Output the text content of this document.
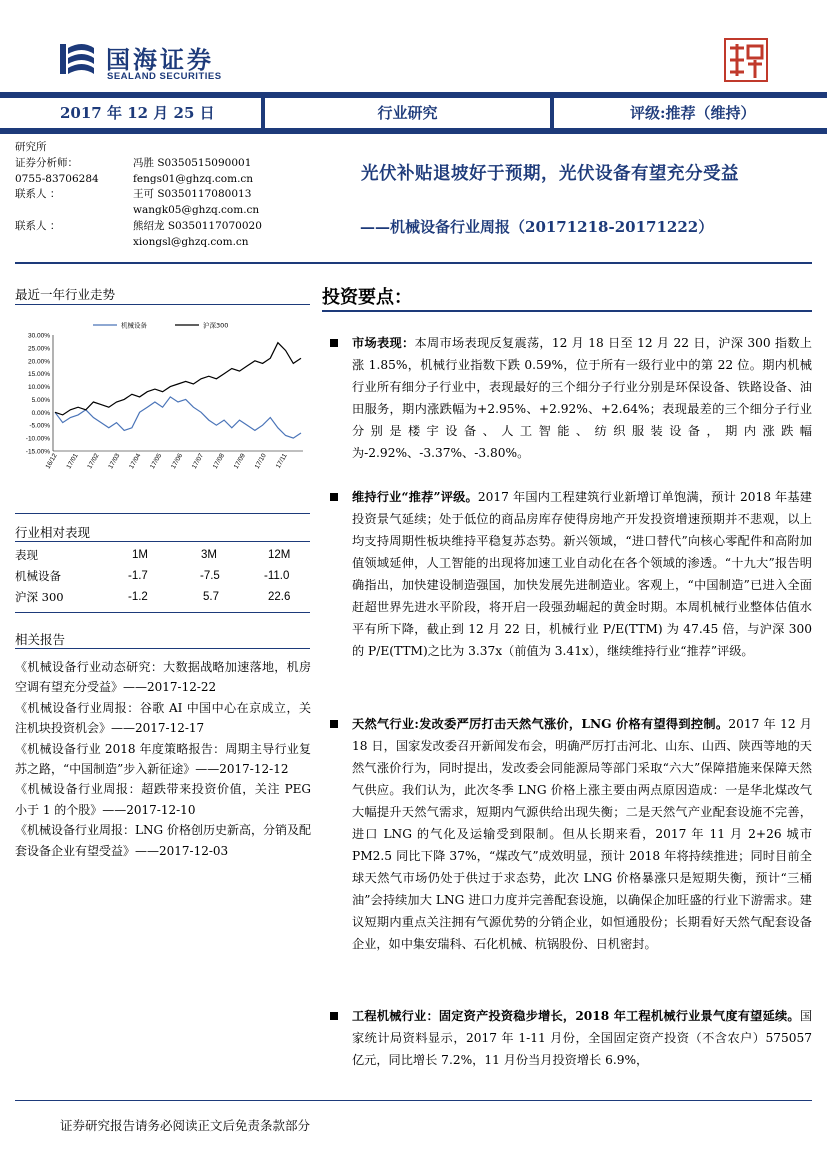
国海证券
SEALAND SECURITIES
2017 年 12 月 25 日	行业研究	评级:推荐（维持）
研究所
证券分析师：	冯胜 S0350515090001
0755-83706284	fengs01@ghzq.com.cn
联系人 ：	王可 S0350117080013
wangk05@ghzq.com.cn
联系人 ：	熊绍龙 S0350117070020
xiongsl@ghzq.com.cn
光伏补贴退坡好于预期，光伏设备有望充分受益
——机械设备行业周报（20171218-20171222）
最近一年行业走势
机械设备	沪深300
30.00%
25.00%
20.00%
15.00%
10.00%
5.00%
0.00%
-5.00%
-10.00%
-15.00%
16/12 17/01 17/02 17/03 17/04 17/05 17/06 17/07 17/08 17/09 17/10 17/11
行业相对表现
表现	1M	3M	12M
机械设备	-1.7	-7.5	-11.0
沪深 300	-1.2	5.7	22.6
相关报告
《机械设备行业动态研究：大数据战略加速落地，机房空调有望充分受益》——2017-12-22
《机械设备行业周报：谷歌 AI 中国中心在京成立，关注机块投资机会》——2017-12-17
《机械设备行业 2018 年度策略报告：周期主导行业复苏之路，“中国制造”步入新征途》——2017-12-12
《机械设备行业周报：超跌带来投资价值，关注 PEG 小于 1 的个股》——2017-12-10
《机械设备行业周报：LNG 价格创历史新高，分销及配套设备企业有望受益》——2017-12-03
投资要点：
市场表现：本周市场表现反复震荡，12 月 18 日至 12 月 22 日，沪深 300 指数上涨 1.85%，机械行业指数下跌 0.59%，位于所有一级行业中的第 22 位。期内机械行业所有细分子行业中，表现最好的三个细分子行业分别是环保设备、铁路设备、油田服务，期内涨跌幅为+2.95%、+2.92%、+2.64%；表现最差的三个细分子行业分别是楼宇设备、人工智能、纺织服装设备，期内涨跌幅为-2.92%、-3.37%、-3.80%。
维持行业“推荐”评级。2017 年国内工程建筑行业新增订单饱满，预计 2018 年基建投资景气延续；处于低位的商品房库存使得房地产开发投资增速预期并不悲观，以上均支持周期性板块维持平稳复苏态势。新兴领域，“进口替代”向核心零配件和高附加值领域延伸，人工智能的出现将加速工业自动化在各个领域的渗透。“十九大”报告明确指出，加快建设制造强国，加快发展先进制造业。客观上，“中国制造”已进入全面赶超世界先进水平阶段，将开启一段强劲崛起的黄金时期。本周机械行业整体估值水平有所下降，截止到 12 月 22 日，机械行业 P/E(TTM) 为 47.45 倍，与沪深 300 的 P/E(TTM)之比为 3.37x（前值为 3.41x），继续维持行业“推荐”评级。
天然气行业:发改委严厉打击天然气涨价，LNG 价格有望得到控制。2017 年 12 月 18 日，国家发改委召开新闻发布会，明确严厉打击河北、山东、山西、陕西等地的天然气涨价行为，同时提出，发改委会同能源局等部门采取“六大”保障措施来保障天然气供应。我们认为，此次冬季 LNG 价格上涨主要由两点原因造成：一是华北煤改气大幅提升天然气需求，短期内气源供给出现失衡；二是天然气产业配套设施不完善，进口 LNG 的气化及运输受到限制。但从长期来看，2017 年 11 月 2+26 城市 PM2.5 同比下降 37%，“煤改气”成效明显，预计 2018 年将持续推进；同时目前全球天然气市场仍处于供过于求态势，此次 LNG 价格暴涨只是短期失衡，预计“三桶油”会持续加大 LNG 进口力度并完善配套设施，以确保企加旺盛的行业下游需求。建议短期内重点关注拥有气源优势的分销企业，如恒通股份；长期看好天然气配套设备企业，如中集安瑞科、石化机械、杭锅股份、日机密封。
工程机械行业：固定资产投资稳步增长，2018 年工程机械行业景气度有望延续。国家统计局资料显示，2017 年 1-11 月份，全国固定资产投资（不含农户）575057 亿元，同比增长 7.2%，11 月份当月投资增长 6.9%，
证券研究报告请务必阅读正文后免责条款部分
